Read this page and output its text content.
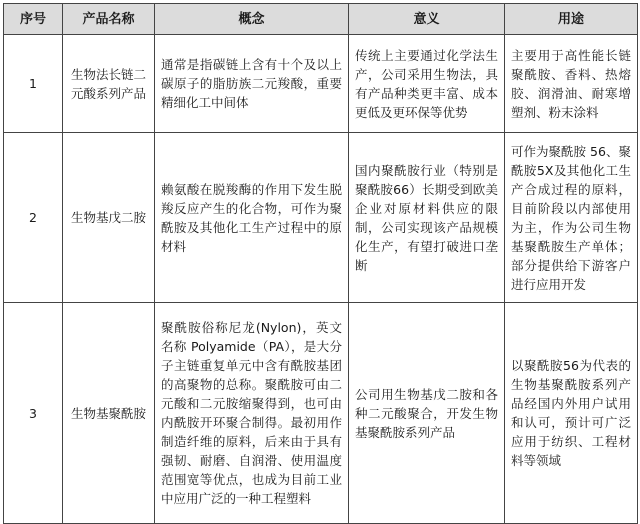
序号	产品名称	概念	意义	用途
1	生物法长链二元酸系列产品	通常是指碳链上含有十个及以上碳原子的脂肪族二元羧酸，重要精细化工中间体	传统上主要通过化学法生产，公司采用生物法，具有产品种类更丰富、成本更低及更环保等优势	主要用于高性能长链聚酰胺、香料、热熔胶、润滑油、耐寒增塑剂、粉末涂料
2	生物基戊二胺	赖氨酸在脱羧酶的作用下发生脱羧反应产生的化合物，可作为聚酰胺及其他化工生产过程中的原材料	国内聚酰胺行业（特别是聚酰胺66）长期受到欧美企业对原材料供应的限制，公司实现该产品规模化生产，有望打破进口垄断	可作为聚酰胺 56、聚酰胺5X及其他化工生产合成过程的原料，目前阶段以内部使用为主，作为公司生物基聚酰胺生产单体；部分提供给下游客户进行应用开发
3	生物基聚酰胺	聚酰胺俗称尼龙(Nylon)，英文名称 Polyamide（PA），是大分子主链重复单元中含有酰胺基团的高聚物的总称。聚酰胺可由二元酸和二元胺缩聚得到，也可由内酰胺开环聚合制得。最初用作制造纤维的原料，后来由于具有强韧、耐磨、自润滑、使用温度范围宽等优点，也成为目前工业中应用广泛的一种工程塑料	公司用生物基戊二胺和各种二元酸聚合，开发生物基聚酰胺系列产品	以聚酰胺56为代表的生物基聚酰胺系列产品经国内外用户试用和认可，预计可广泛应用于纺织、工程材料等领域
